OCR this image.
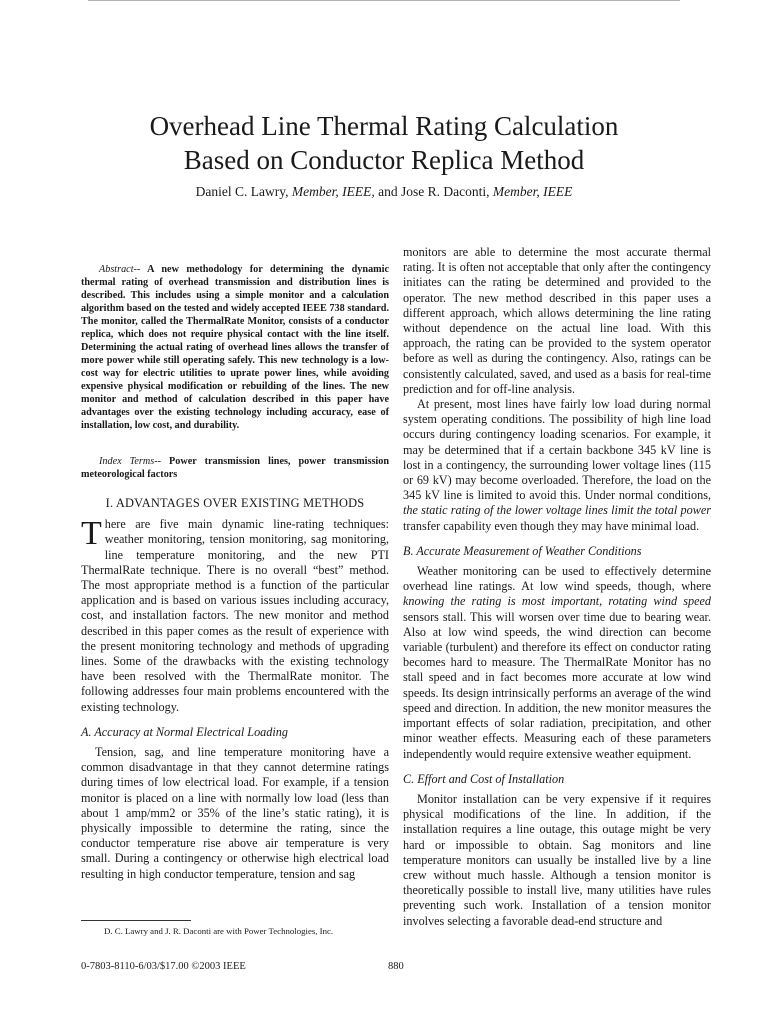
Overhead Line Thermal Rating Calculation
Based on Conductor Replica Method
Daniel C. Lawry, Member, IEEE, and Jose R. Daconti, Member, IEEE

Abstract-- A new methodology for determining the dynamic thermal rating of overhead transmission and distribution lines is described. This includes using a simple monitor and a calculation algorithm based on the tested and widely accepted IEEE 738 standard. The monitor, called the ThermalRate Monitor, consists of a conductor replica, which does not require physical contact with the line itself. Determining the actual rating of overhead lines allows the transfer of more power while still operating safely. This new technology is a low-cost way for electric utilities to uprate power lines, while avoiding expensive physical modification or rebuilding of the lines. The new monitor and method of calculation described in this paper have advantages over the existing technology including accuracy, ease of installation, low cost, and durability.

Index Terms-- Power transmission lines, power transmission meteorological factors

I. ADVANTAGES OVER EXISTING METHODS

There are five main dynamic line-rating techniques: weather monitoring, tension monitoring, sag monitoring, line temperature monitoring, and the new PTI ThermalRate technique. There is no overall “best” method. The most appropriate method is a function of the particular application and is based on various issues including accuracy, cost, and installation factors. The new monitor and method described in this paper comes as the result of experience with the present monitoring technology and methods of upgrading lines. Some of the drawbacks with the existing technology have been resolved with the ThermalRate monitor. The following addresses four main problems encountered with the existing technology.

A. Accuracy at Normal Electrical Loading

Tension, sag, and line temperature monitoring have a common disadvantage in that they cannot determine ratings during times of low electrical load. For example, if a tension monitor is placed on a line with normally low load (less than about 1 amp/mm2 or 35% of the line’s static rating), it is physically impossible to determine the rating, since the conductor temperature rise above air temperature is very small. During a contingency or otherwise high electrical load resulting in high conductor temperature, tension and sag

monitors are able to determine the most accurate thermal rating. It is often not acceptable that only after the contingency initiates can the rating be determined and provided to the operator. The new method described in this paper uses a different approach, which allows determining the line rating without dependence on the actual line load. With this approach, the rating can be provided to the system operator before as well as during the contingency. Also, ratings can be consistently calculated, saved, and used as a basis for real-time prediction and for off-line analysis.

At present, most lines have fairly low load during normal system operating conditions. The possibility of high line load occurs during contingency loading scenarios. For example, it may be determined that if a certain backbone 345 kV line is lost in a contingency, the surrounding lower voltage lines (115 or 69 kV) may become overloaded. Therefore, the load on the 345 kV line is limited to avoid this. Under normal conditions, the static rating of the lower voltage lines limit the total power transfer capability even though they may have minimal load.

B. Accurate Measurement of Weather Conditions

Weather monitoring can be used to effectively determine overhead line ratings. At low wind speeds, though, where knowing the rating is most important, rotating wind speed sensors stall. This will worsen over time due to bearing wear. Also at low wind speeds, the wind direction can become variable (turbulent) and therefore its effect on conductor rating becomes hard to measure. The ThermalRate Monitor has no stall speed and in fact becomes more accurate at low wind speeds. Its design intrinsically performs an average of the wind speed and direction. In addition, the new monitor measures the important effects of solar radiation, precipitation, and other minor weather effects. Measuring each of these parameters independently would require extensive weather equipment.

C. Effort and Cost of Installation

Monitor installation can be very expensive if it requires physical modifications of the line. In addition, if the installation requires a line outage, this outage might be very hard or impossible to obtain. Sag monitors and line temperature monitors can usually be installed live by a line crew without much hassle. Although a tension monitor is theoretically possible to install live, many utilities have rules preventing such work. Installation of a tension monitor involves selecting a favorable dead-end structure and

D. C. Lawry and J. R. Daconti are with Power Technologies, Inc.
0-7803-8110-6/03/$17.00 ©2003 IEEE	880
